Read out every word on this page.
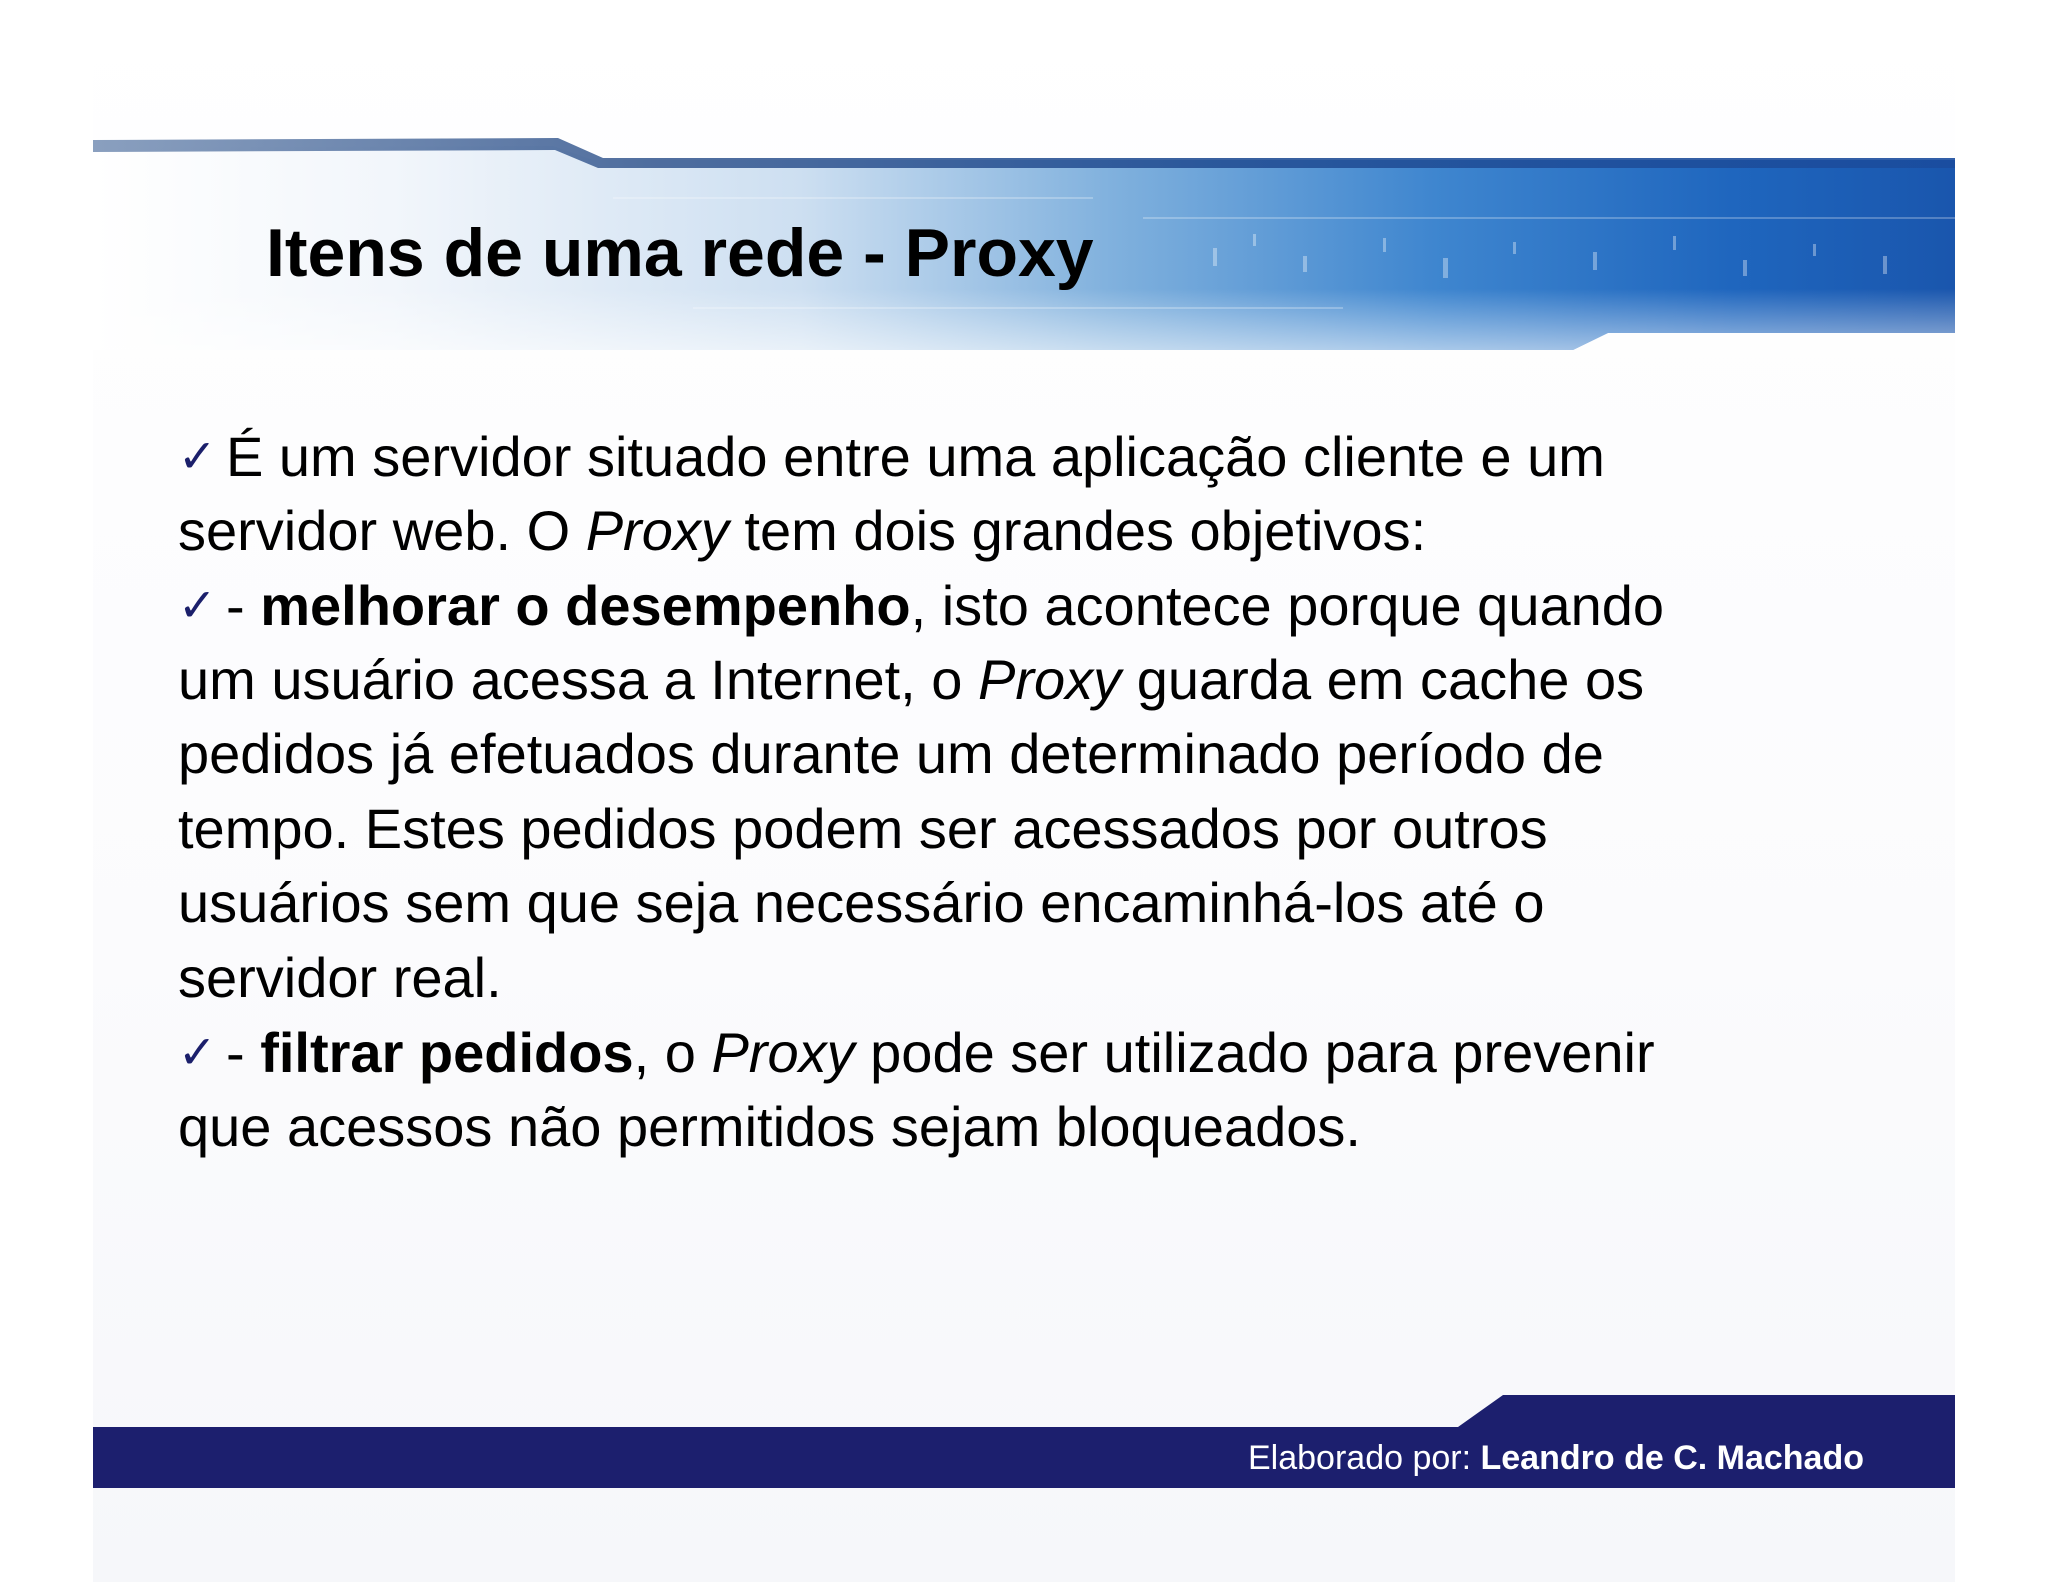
Itens de uma rede - Proxy
✓ É um servidor situado entre uma aplicação cliente e um
servidor web. O Proxy tem dois grandes objetivos:
✓ - melhorar o desempenho, isto acontece porque quando
um usuário acessa a Internet, o Proxy guarda em cache os
pedidos já efetuados durante um determinado período de
tempo. Estes pedidos podem ser acessados por outros
usuários sem que seja necessário encaminhá-los até o
servidor real.
✓ - filtrar pedidos, o Proxy pode ser utilizado para prevenir
que acessos não permitidos sejam bloqueados.
Elaborado por: Leandro de C. Machado
